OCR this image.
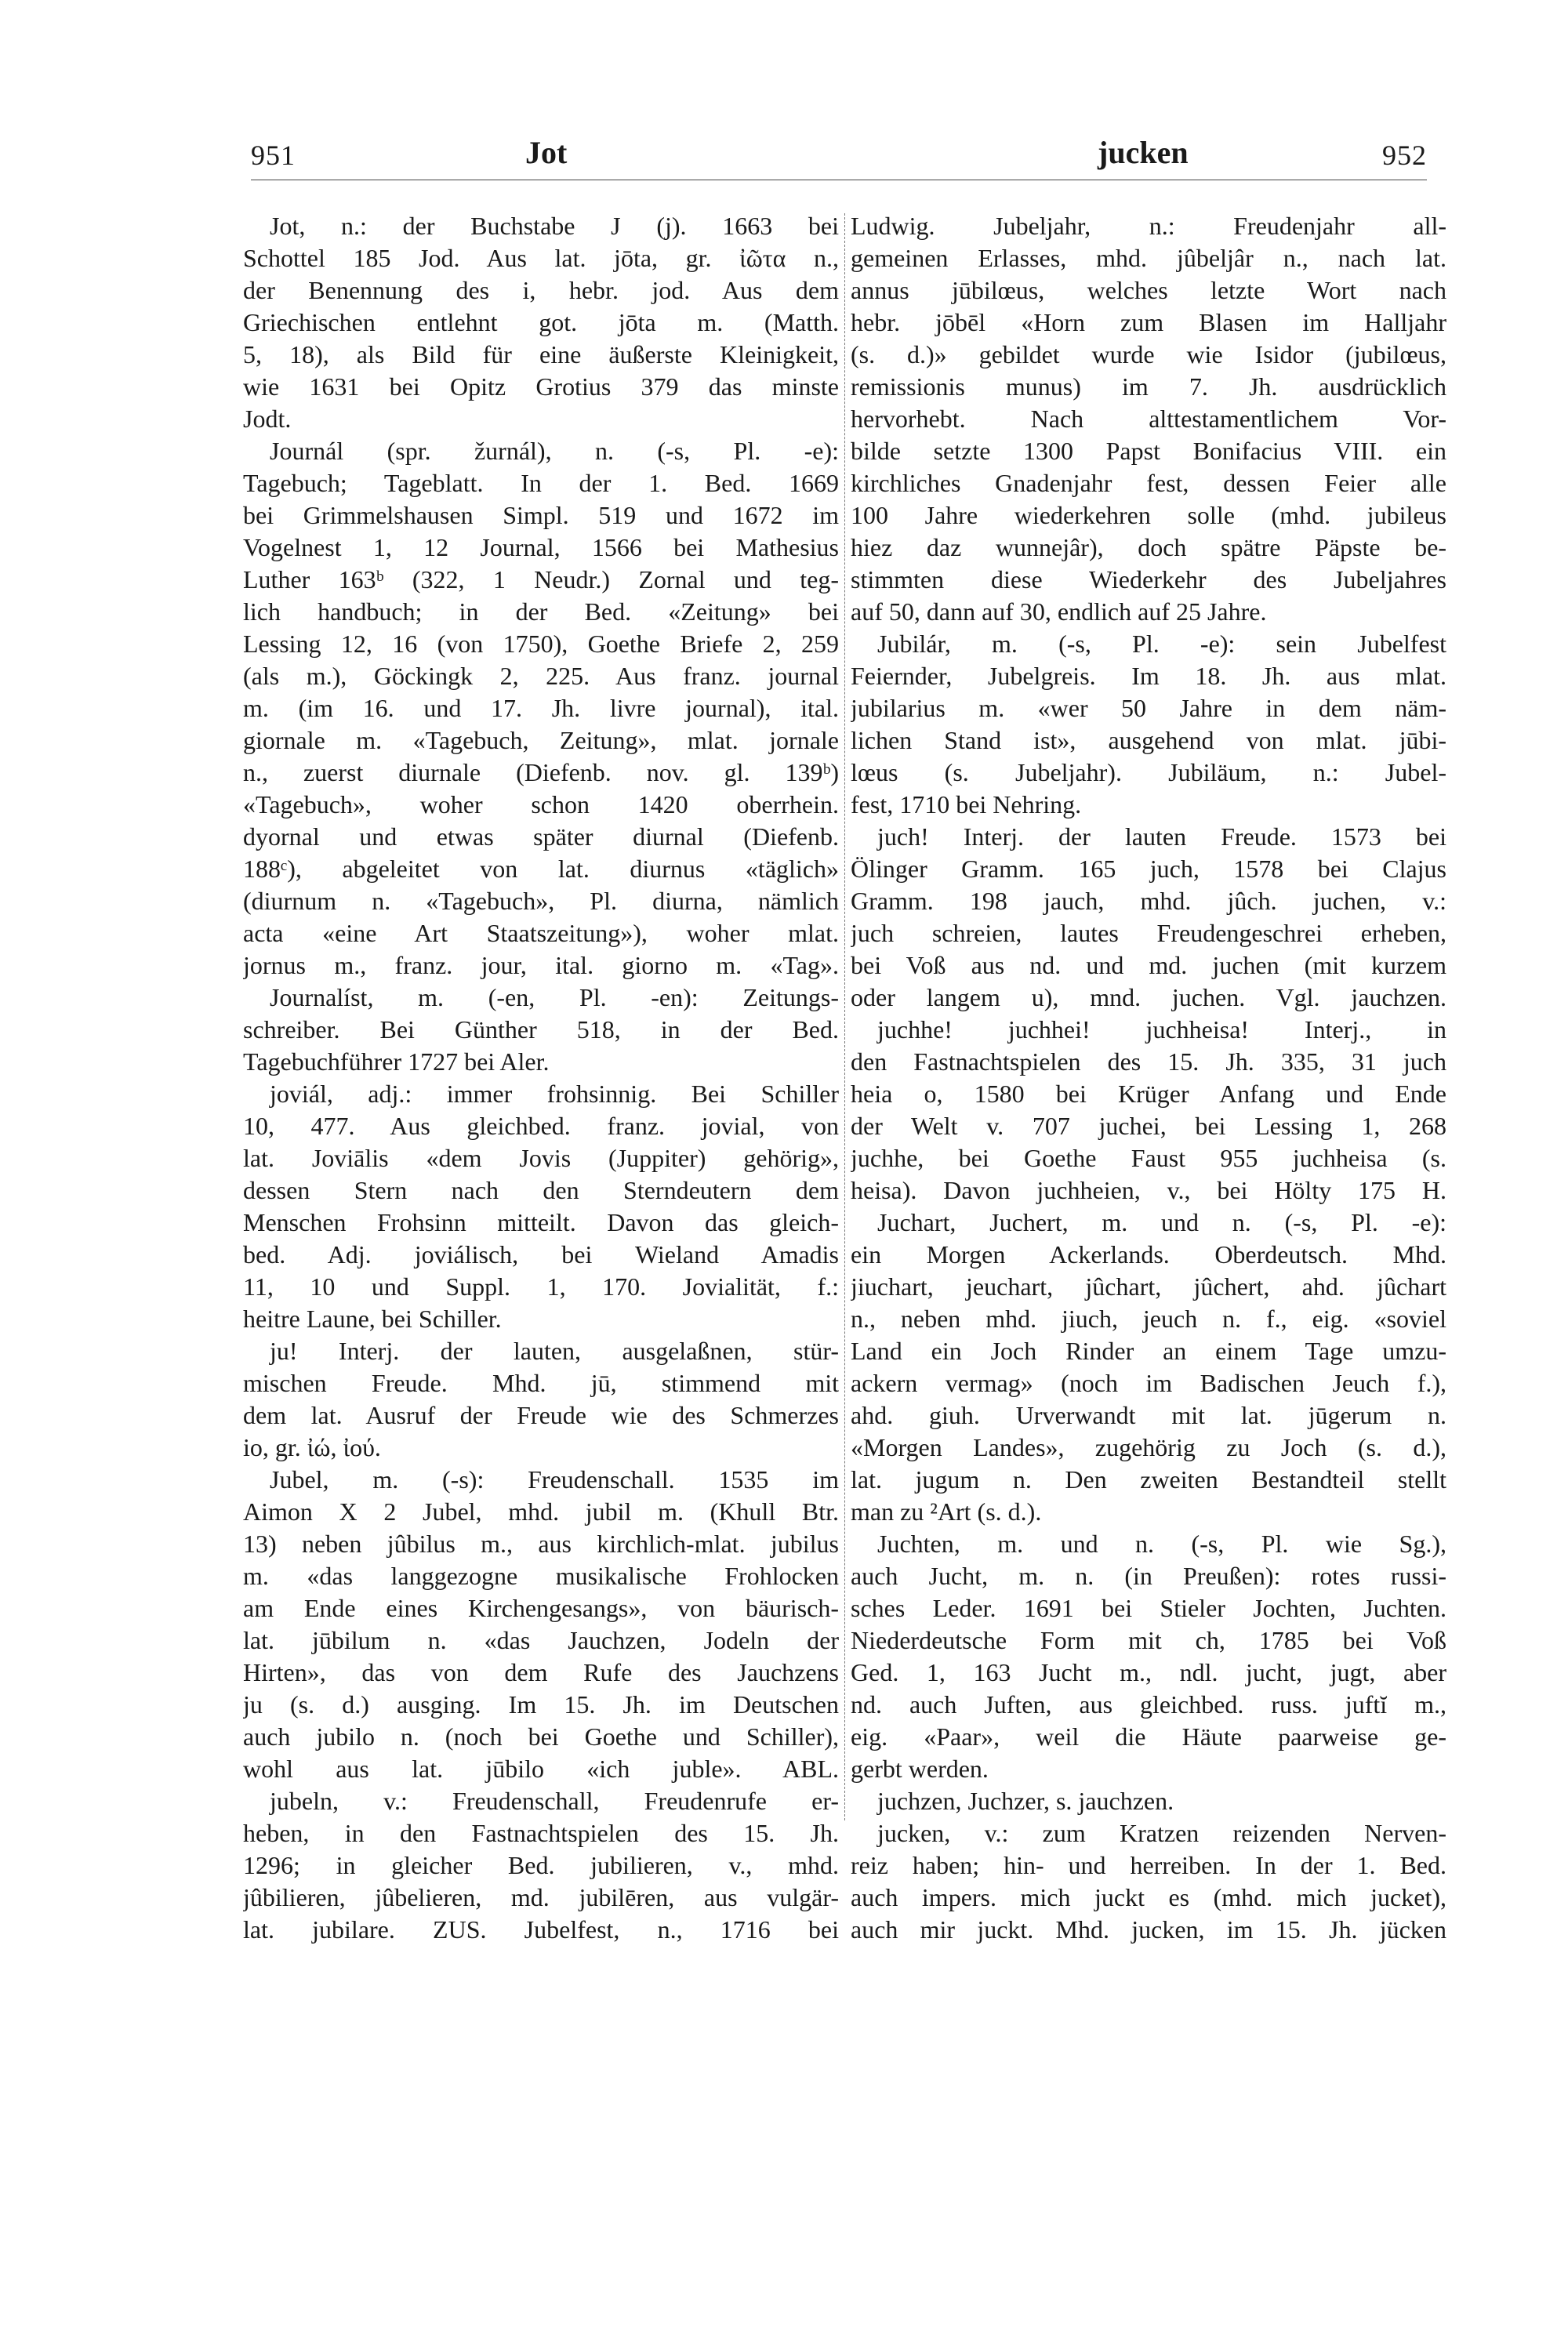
951	Jot	jucken	952
Jot, n.: der Buchstabe J (j). 1663 bei
Schottel 185 Jod. Aus lat. jōta, gr. ἰῶτα n.,
der Benennung des i, hebr. jod. Aus dem
Griechischen entlehnt got. jōta m. (Matth.
5, 18), als Bild für eine äußerste Kleinigkeit,
wie 1631 bei Opitz Grotius 379 das minste
Jodt.
Journál (spr. žurnál), n. (-s, Pl. -e):
Tagebuch; Tageblatt. In der 1. Bed. 1669
bei Grimmelshausen Simpl. 519 und 1672 im
Vogelnest 1, 12 Journal, 1566 bei Mathesius
Luther 163ᵇ (322, 1 Neudr.) Zornal und teg-
lich handbuch; in der Bed. «Zeitung» bei
Lessing 12, 16 (von 1750), Goethe Briefe 2, 259
(als m.), Göckingk 2, 225. Aus franz. journal
m. (im 16. und 17. Jh. livre journal), ital.
giornale m. «Tagebuch, Zeitung», mlat. jornale
n., zuerst diurnale (Diefenb. nov. gl. 139ᵇ)
«Tagebuch», woher schon 1420 oberrhein.
dyornal und etwas später diurnal (Diefenb.
188ᶜ), abgeleitet von lat. diurnus «täglich»
(diurnum n. «Tagebuch», Pl. diurna, nämlich
acta «eine Art Staatszeitung»), woher mlat.
jornus m., franz. jour, ital. giorno m. «Tag».
Journalíst, m. (-en, Pl. -en): Zeitungs-
schreiber. Bei Günther 518, in der Bed.
Tagebuchführer 1727 bei Aler.
joviál, adj.: immer frohsinnig. Bei Schiller
10, 477. Aus gleichbed. franz. jovial, von
lat. Joviālis «dem Jovis (Juppiter) gehörig»,
dessen Stern nach den Sterndeutern dem
Menschen Frohsinn mitteilt. Davon das gleich-
bed. Adj. joviálisch, bei Wieland Amadis
11, 10 und Suppl. 1, 170. Jovialität, f.:
heitre Laune, bei Schiller.
ju! Interj. der lauten, ausgelaßnen, stür-
mischen Freude. Mhd. jū, stimmend mit
dem lat. Ausruf der Freude wie des Schmerzes
io, gr. ἰώ, ἰού.
Jubel, m. (-s): Freudenschall. 1535 im
Aimon X 2 Jubel, mhd. jubil m. (Khull Btr.
13) neben jûbilus m., aus kirchlich-mlat. jubilus
m. «das langgezogne musikalische Frohlocken
am Ende eines Kirchengesangs», von bäurisch-
lat. jūbilum n. «das Jauchzen, Jodeln der
Hirten», das von dem Rufe des Jauchzens
ju (s. d.) ausging. Im 15. Jh. im Deutschen
auch jubilo n. (noch bei Goethe und Schiller),
wohl aus lat. jūbilo «ich juble». ABL.
jubeln, v.: Freudenschall, Freudenrufe er-
heben, in den Fastnachtspielen des 15. Jh.
1296; in gleicher Bed. jubilieren, v., mhd.
jûbilieren, jûbelieren, md. jubilēren, aus vulgär-
lat. jubilare. ZUS. Jubelfest, n., 1716 bei
Ludwig. Jubeljahr, n.: Freudenjahr all-
gemeinen Erlasses, mhd. jûbeljâr n., nach lat.
annus jūbilœus, welches letzte Wort nach
hebr. jōbēl «Horn zum Blasen im Halljahr
(s. d.)» gebildet wurde wie Isidor (jubilœus,
remissionis munus) im 7. Jh. ausdrücklich
hervorhebt. Nach alttestamentlichem Vor-
bilde setzte 1300 Papst Bonifacius VIII. ein
kirchliches Gnadenjahr fest, dessen Feier alle
100 Jahre wiederkehren solle (mhd. jubileus
hiez daz wunnejâr), doch spätre Päpste be-
stimmten diese Wiederkehr des Jubeljahres
auf 50, dann auf 30, endlich auf 25 Jahre.
Jubilár, m. (-s, Pl. -e): sein Jubelfest
Feiernder, Jubelgreis. Im 18. Jh. aus mlat.
jubilarius m. «wer 50 Jahre in dem näm-
lichen Stand ist», ausgehend von mlat. jūbi-
lœus (s. Jubeljahr). Jubiläum, n.: Jubel-
fest, 1710 bei Nehring.
juch! Interj. der lauten Freude. 1573 bei
Ölinger Gramm. 165 juch, 1578 bei Clajus
Gramm. 198 jauch, mhd. jûch. juchen, v.:
juch schreien, lautes Freudengeschrei erheben,
bei Voß aus nd. und md. juchen (mit kurzem
oder langem u), mnd. juchen. Vgl. jauchzen.
juchhe! juchhei! juchheisa! Interj., in
den Fastnachtspielen des 15. Jh. 335, 31 juch
heia o, 1580 bei Krüger Anfang und Ende
der Welt v. 707 juchei, bei Lessing 1, 268
juchhe, bei Goethe Faust 955 juchheisa (s.
heisa). Davon juchheien, v., bei Hölty 175 H.
Juchart, Juchert, m. und n. (-s, Pl. -e):
ein Morgen Ackerlands. Oberdeutsch. Mhd.
jiuchart, jeuchart, jûchart, jûchert, ahd. jûchart
n., neben mhd. jiuch, jeuch n. f., eig. «soviel
Land ein Joch Rinder an einem Tage umzu-
ackern vermag» (noch im Badischen Jeuch f.),
ahd. giuh. Urverwandt mit lat. jūgerum n.
«Morgen Landes», zugehörig zu Joch (s. d.),
lat. jugum n. Den zweiten Bestandteil stellt
man zu ²Art (s. d.).
Juchten, m. und n. (-s, Pl. wie Sg.),
auch Jucht, m. n. (in Preußen): rotes russi-
sches Leder. 1691 bei Stieler Jochten, Juchten.
Niederdeutsche Form mit ch, 1785 bei Voß
Ged. 1, 163 Jucht m., ndl. jucht, jugt, aber
nd. auch Juften, aus gleichbed. russ. juftĭ m.,
eig. «Paar», weil die Häute paarweise ge-
gerbt werden.
juchzen, Juchzer, s. jauchzen.
jucken, v.: zum Kratzen reizenden Nerven-
reiz haben; hin- und herreiben. In der 1. Bed.
auch impers. mich juckt es (mhd. mich jucket),
auch mir juckt. Mhd. jucken, im 15. Jh. jücken
